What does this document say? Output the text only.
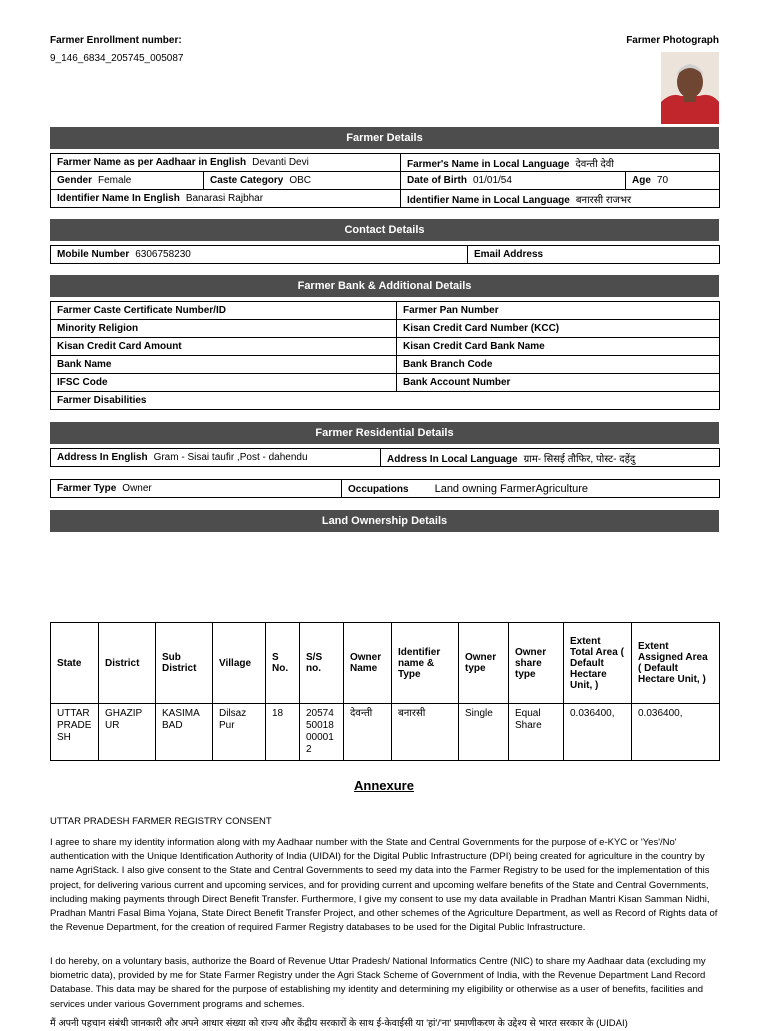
Farmer Enrollment number:
9_146_6834_205745_005087
Farmer Photograph
Farmer Details
Farmer Name as per Aadhaar in English Devanti Devi		Farmer's Name in Local Language देवन्ती देवी	
Gender Female	Caste Category OBC	Date of Birth 01/01/54	Age 70
Identifier Name In English Banarasi Rajbhar		Identifier Name in Local Language बनारसी राजभर	
Contact Details
Mobile Number 6306758230	Email Address
Farmer Bank & Additional Details
Farmer Caste Certificate Number/ID	Farmer Pan Number
Minority Religion	Kisan Credit Card Number (KCC)
Kisan Credit Card Amount	Kisan Credit Card Bank Name
Bank Name	Bank Branch Code
IFSC Code	Bank Account Number
Farmer Disabilities	
Farmer Residential Details
Address In English Gram - Sisai taufir ,Post - dahendu	Address In Local Language ग्राम- सिसई तौफिर, पोस्ट- दहेंदु
Farmer Type Owner	Occupations Land owning FarmerAgriculture
Land Ownership Details
State	District	Sub District	Village	S No.	S/S no.	Owner Name	Identifier name & Type	Owner type	Owner share type	Extent Total Area ( Default Hectare Unit, )	Extent Assigned Area ( Default Hectare Unit, )
UTTAR PRADESH	GHAZIPUR	KASIMABAD	Dilsaz Pur	18	2057450018000012	देवन्ती	बनारसी	Single	Equal Share	0.036400,	0.036400,
Annexure
UTTAR PRADESH FARMER REGISTRY CONSENT
I agree to share my identity information along with my Aadhaar number with the State and Central Governments for the purpose of e-KYC or 'Yes'/No' authentication with the Unique Identification Authority of India (UIDAI) for the Digital Public Infrastructure (DPI) being created for agriculture in the country by name AgriStack. I also give consent to the State and Central Governments to seed my data into the Farmer Registry to be used for the implementation of this project, for delivering various current and upcoming services, and for providing current and upcoming welfare benefits of the State and Central Governments, including making payments through Direct Benefit Transfer. Furthermore, I give my consent to use my data available in Pradhan Mantri Kisan Samman Nidhi, Pradhan Mantri Fasal Bima Yojana, State Direct Benefit Transfer Project, and other schemes of the Agriculture Department, as well as Record of Rights data of the Revenue Department, for the creation of required Farmer Registry databases to be used for the Digital Public Infrastructure.
I do hereby, on a voluntary basis, authorize the Board of Revenue Uttar Pradesh/ National Informatics Centre (NIC) to share my Aadhaar data (excluding my biometric data), provided by me for State Farmer Registry under the Agri Stack Scheme of Government of India, with the Revenue Department Land Record Database. This data may be shared for the purpose of establishing my identity and determining my eligibility or otherwise as a user of benefits, facilities and services under various Government programs and schemes.
मैं अपनी पहचान संबंधी जानकारी और अपने आधार संख्या को राज्य और केंद्रीय सरकारों के साथ ई-केवाईसी या 'हां'/'ना' प्रमाणीकरण के उद्देश्य से भारत सरकार के (UIDAI)
